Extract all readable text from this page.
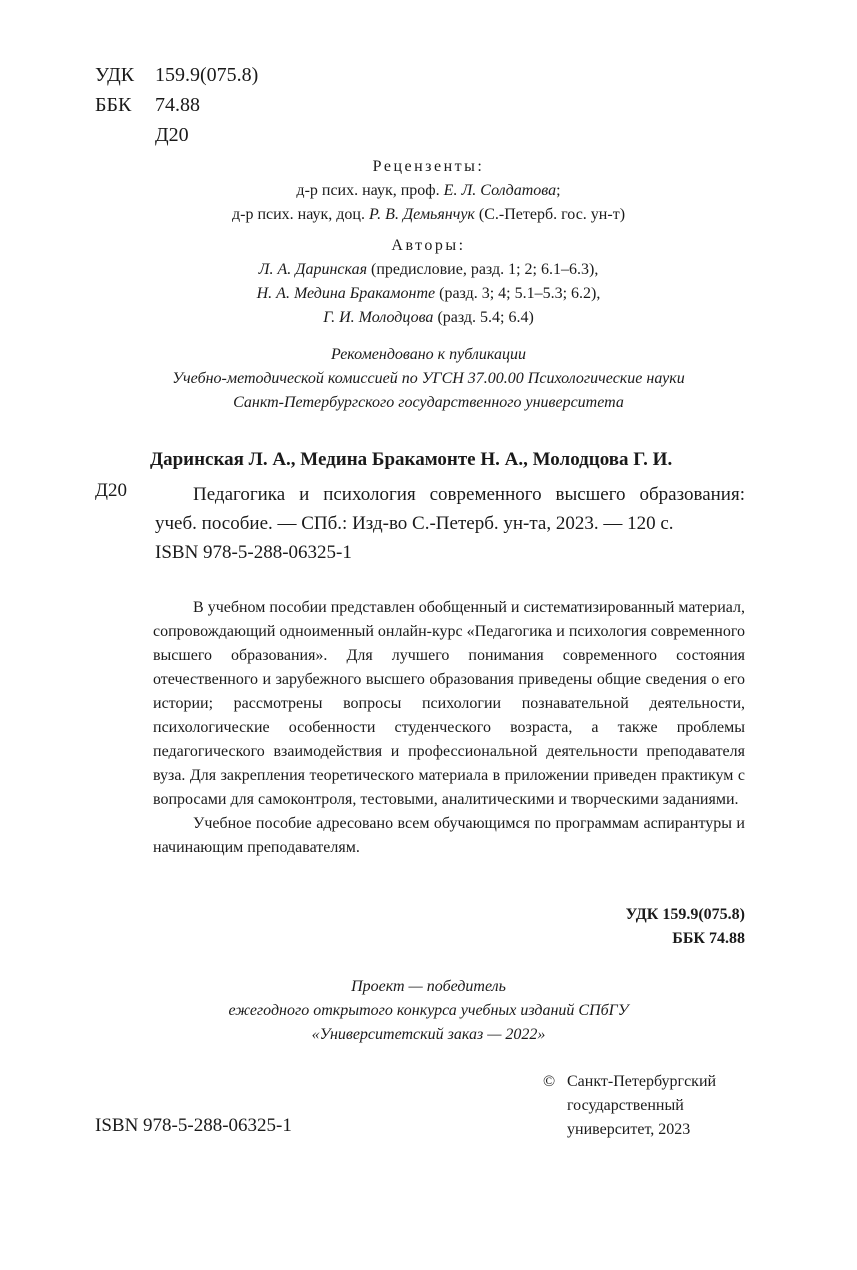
УДК	159.9(075.8)
ББК	74.88
Д20
Рецензенты:
д-р псих. наук, проф. Е. Л. Солдатова;
д-р псих. наук, доц. Р. В. Демьянчук (С.-Петерб. гос. ун-т)
Авторы:
Л. А. Даринская (предисловие, разд. 1; 2; 6.1–6.3),
Н. А. Медина Бракамонте (разд. 3; 4; 5.1–5.3; 6.2),
Г. И. Молодцова (разд. 5.4; 6.4)
Рекомендовано к публикации
Учебно-методической комиссией по УГСН 37.00.00 Психологические науки
Санкт-Петербургского государственного университета
Даринская Л. А., Медина Бракамонте Н. А., Молодцова Г. И.
Д20	Педагогика и психология современного высшего образования: учеб. пособие. — СПб.: Изд-во С.-Петерб. ун-та, 2023. — 120 с.

ISBN 978-5-288-06325-1

В учебном пособии представлен обобщенный и систематизированный материал, сопровождающий одноименный онлайн-курс «Педагогика и психология современного высшего образования». Для лучшего понимания современного состояния отечественного и зарубежного высшего образования приведены общие сведения о его истории; рассмотрены вопросы психологии познавательной деятельности, психологические особенности студенческого возраста, а также проблемы педагогического взаимодействия и профессиональной деятельности преподавателя вуза. Для закрепления теоретического материала в приложении приведен практикум с вопросами для самоконтроля, тестовыми, аналитическими и творческими заданиями.

Учебное пособие адресовано всем обучающимся по программам аспирантуры и начинающим преподавателям.

УДК 159.9(075.8)
ББК 74.88
Проект — победитель
ежегодного открытого конкурса учебных изданий СПбГУ
«Университетский заказ — 2022»
© Санкт-Петербургский
государственный
университет, 2023
ISBN 978-5-288-06325-1
